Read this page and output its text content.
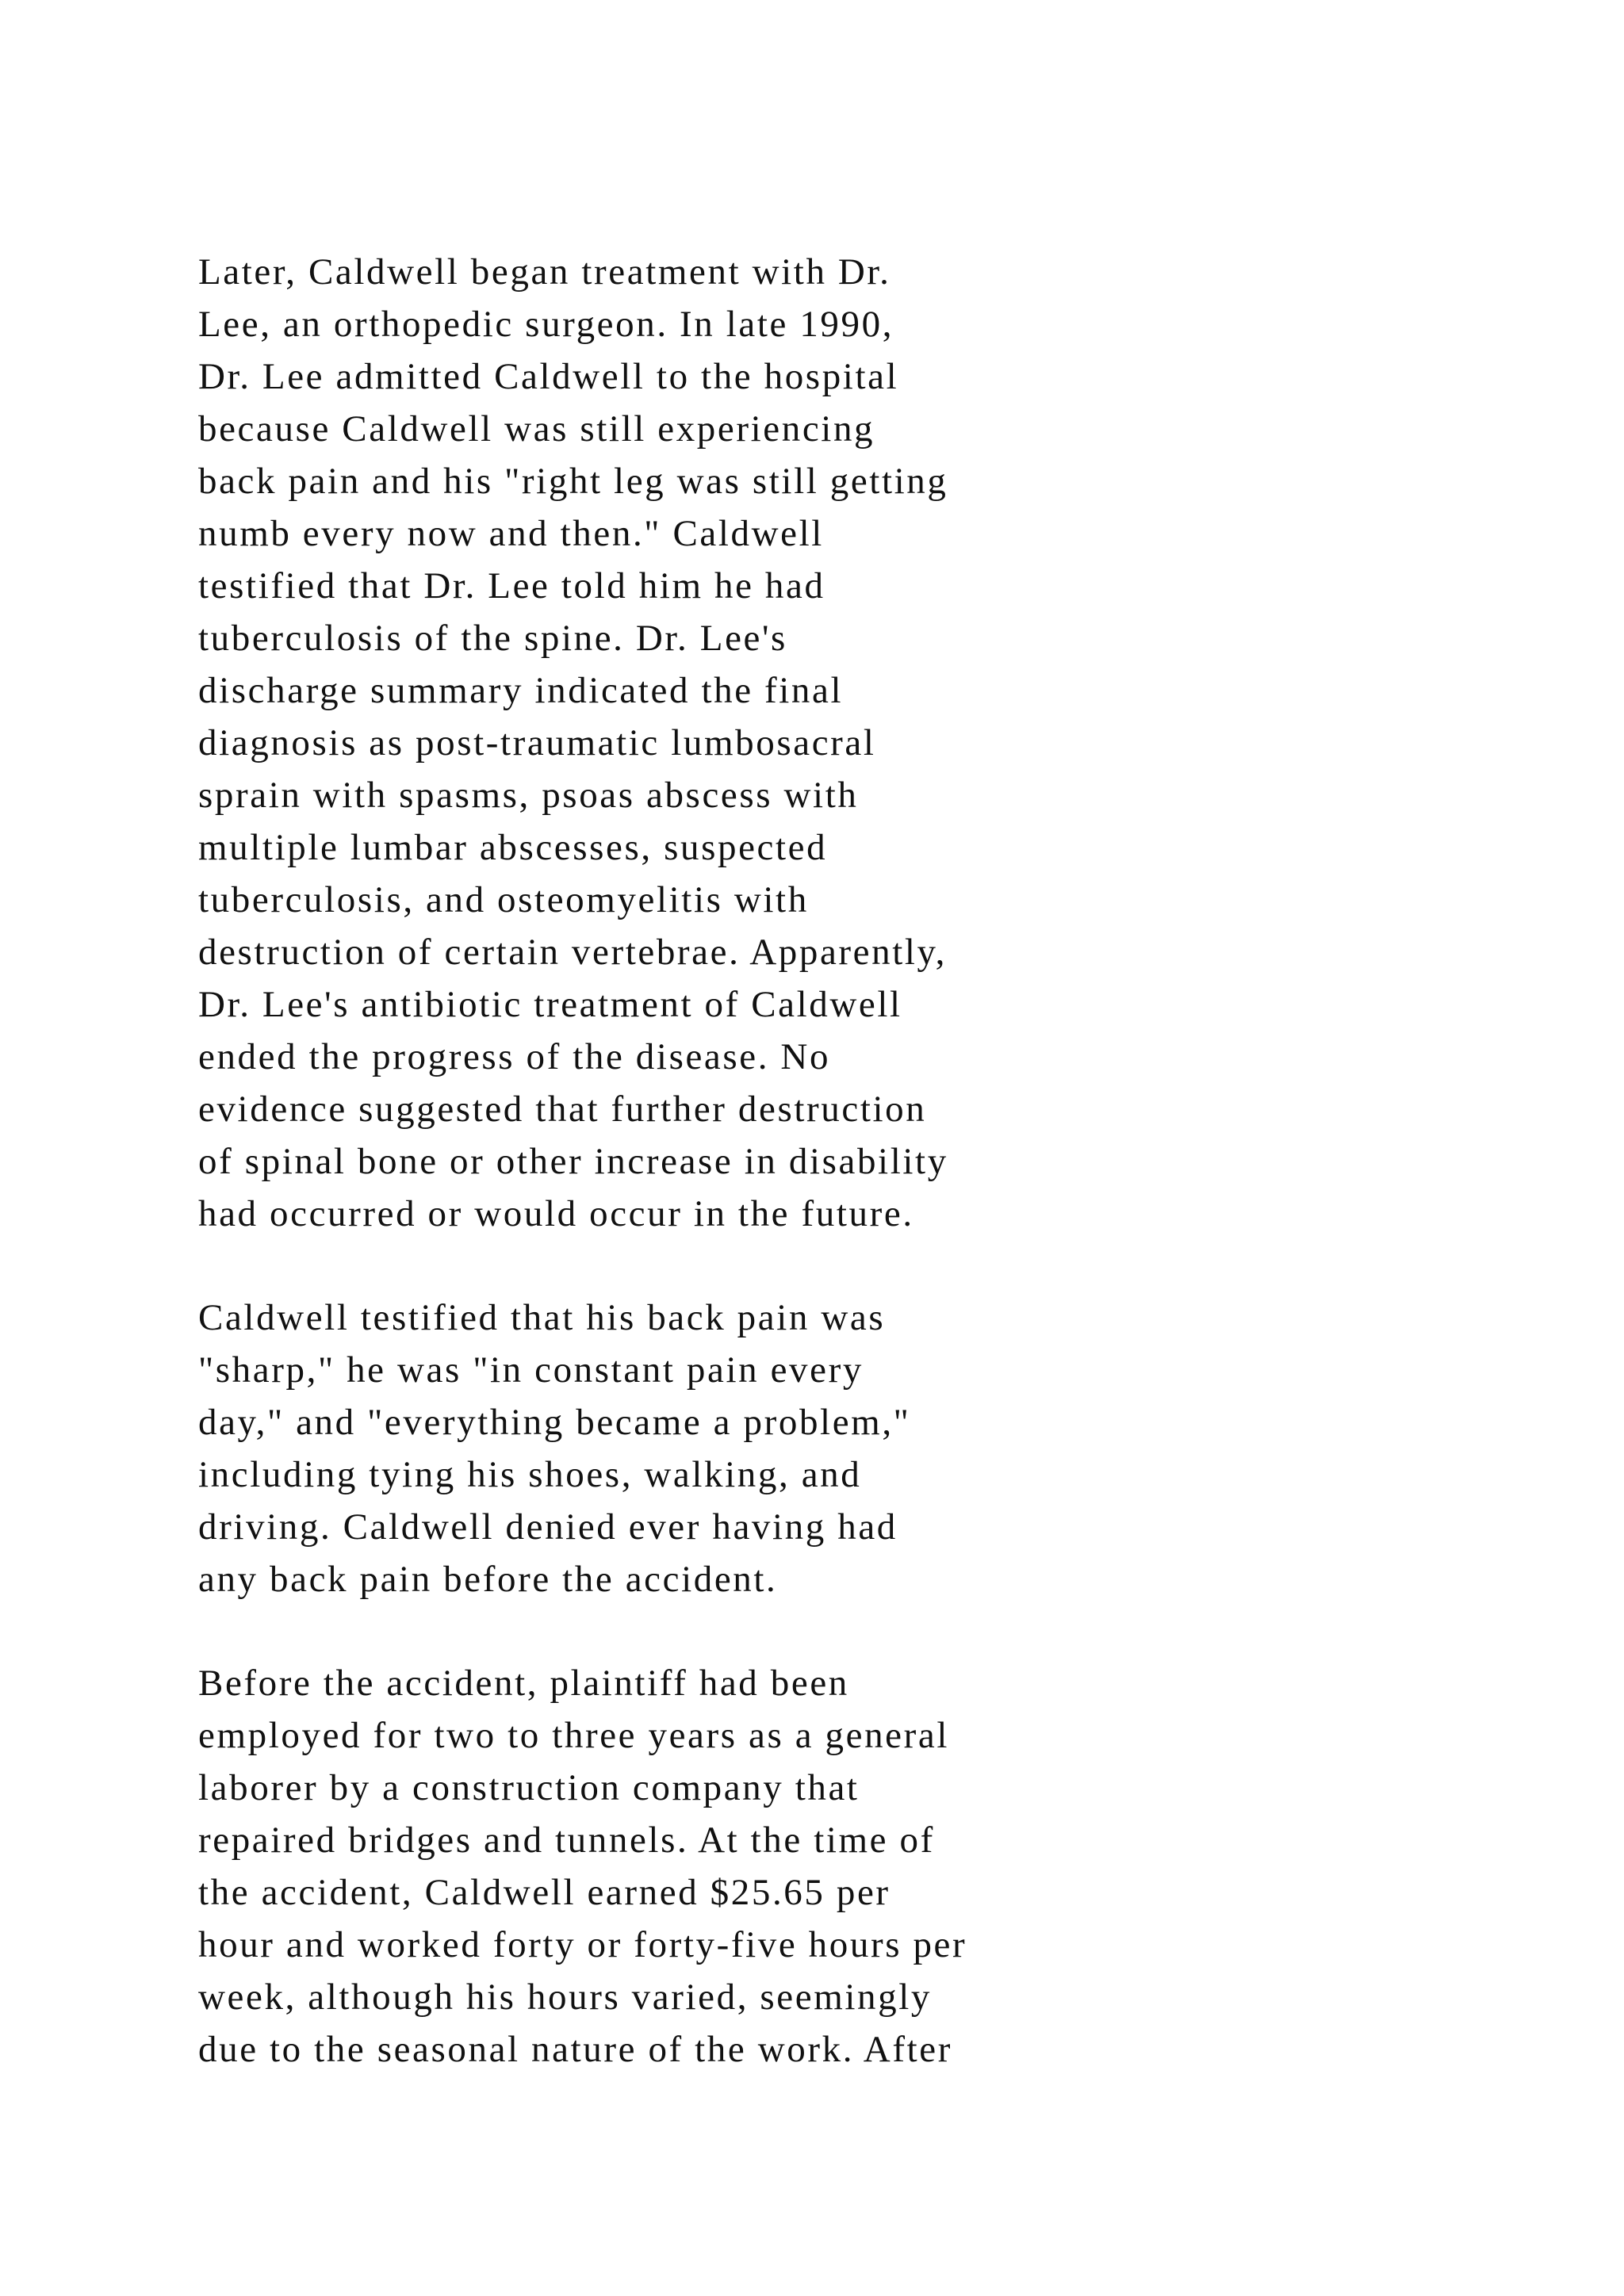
Later, Caldwell began treatment with Dr.
Lee, an orthopedic surgeon. In late 1990,
Dr. Lee admitted Caldwell to the hospital
because Caldwell was still experiencing
back pain and his "right leg was still getting
numb every now and then." Caldwell
testified that Dr. Lee told him he had
tuberculosis of the spine. Dr. Lee's
discharge summary indicated the final
diagnosis as post-traumatic lumbosacral
sprain with spasms, psoas abscess with
multiple lumbar abscesses, suspected
tuberculosis, and osteomyelitis with
destruction of certain vertebrae. Apparently,
Dr. Lee's antibiotic treatment of Caldwell
ended the progress of the disease. No
evidence suggested that further destruction
of spinal bone or other increase in disability
had occurred or would occur in the future.

Caldwell testified that his back pain was
"sharp," he was "in constant pain every
day," and "everything became a problem,"
including tying his shoes, walking, and
driving. Caldwell denied ever having had
any back pain before the accident.

Before the accident, plaintiff had been
employed for two to three years as a general
laborer by a construction company that
repaired bridges and tunnels. At the time of
the accident, Caldwell earned $25.65 per
hour and worked forty or forty-five hours per
week, although his hours varied, seemingly
due to the seasonal nature of the work. After
